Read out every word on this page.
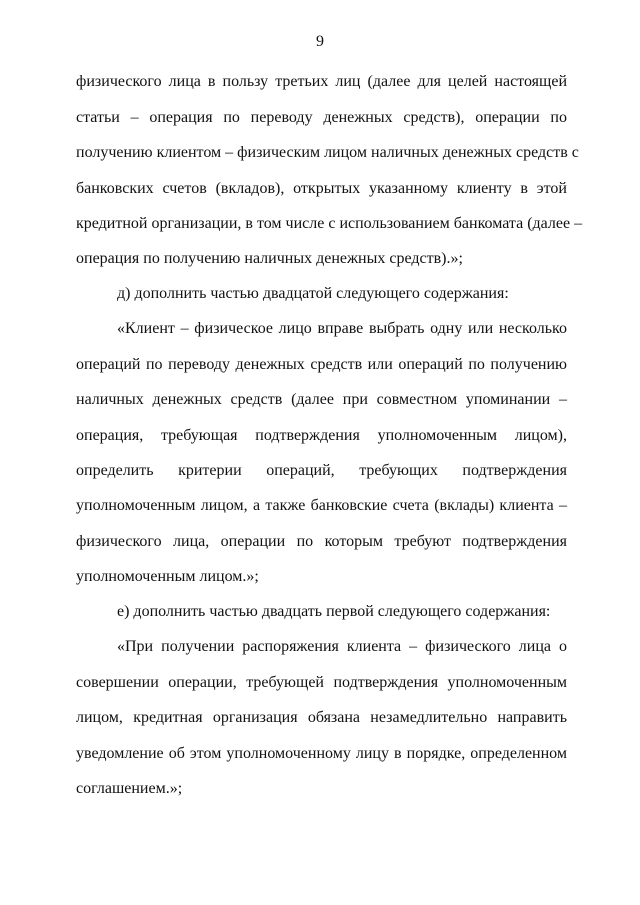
9
физического лица в пользу третьих лиц (далее для целей настоящей
статьи – операция по переводу денежных средств), операции по
получению клиентом – физическим лицом наличных денежных средств с
банковских счетов (вкладов), открытых указанному клиенту в этой
кредитной организации, в том числе с использованием банкомата (далее –
операция по получению наличных денежных средств).»;
д) дополнить частью двадцатой следующего содержания:
«Клиент – физическое лицо вправе выбрать одну или несколько
операций по переводу денежных средств или операций по получению
наличных денежных средств (далее при совместном упоминании –
операция, требующая подтверждения уполномоченным лицом),
определить критерии операций, требующих подтверждения
уполномоченным лицом, а также банковские счета (вклады) клиента –
физического лица, операции по которым требуют подтверждения
уполномоченным лицом.»;
е) дополнить частью двадцать первой следующего содержания:
«При получении распоряжения клиента – физического лица о
совершении операции, требующей подтверждения уполномоченным
лицом, кредитная организация обязана незамедлительно направить
уведомление об этом уполномоченному лицу в порядке, определенном
соглашением.»;
